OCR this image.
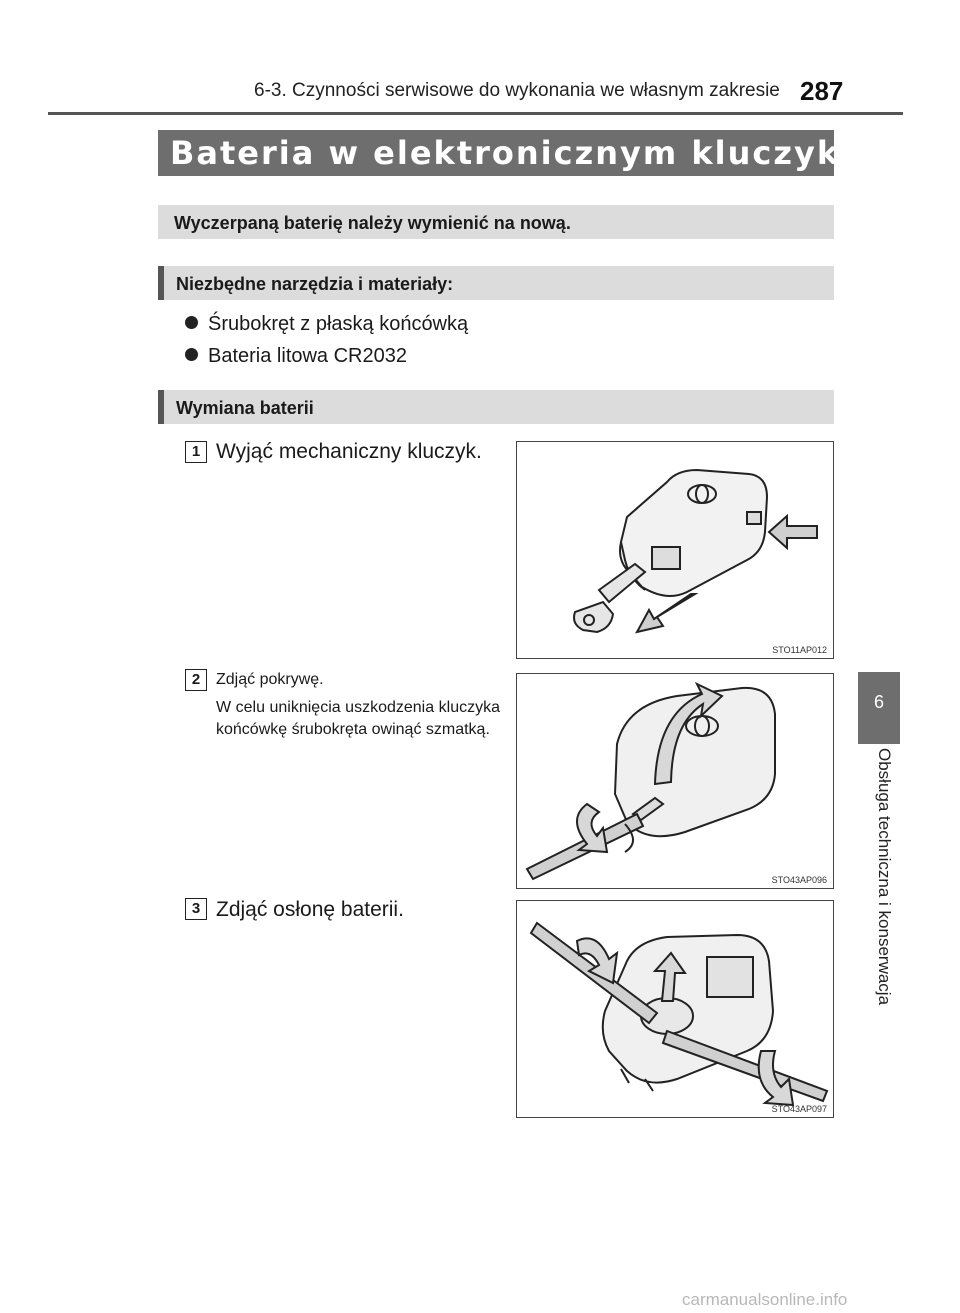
6-3. Czynności serwisowe do wykonania we własnym zakresie 287
Bateria w elektronicznym kluczyku
Wyczerpaną baterię należy wymienić na nową.
Niezbędne narzędzia i materiały:
Śrubokręt z płaską końcówką
Bateria litowa CR2032
Wymiana baterii
1 Wyjąć mechaniczny kluczyk.
STO11AP012
2 Zdjąć pokrywę.
W celu uniknięcia uszkodzenia kluczyka końcówkę śrubokręta owinąć szmatką.
STO43AP096
3 Zdjąć osłonę baterii.
STO43AP097
6
Obsługa techniczna i konserwacja
carmanualsonline.info
